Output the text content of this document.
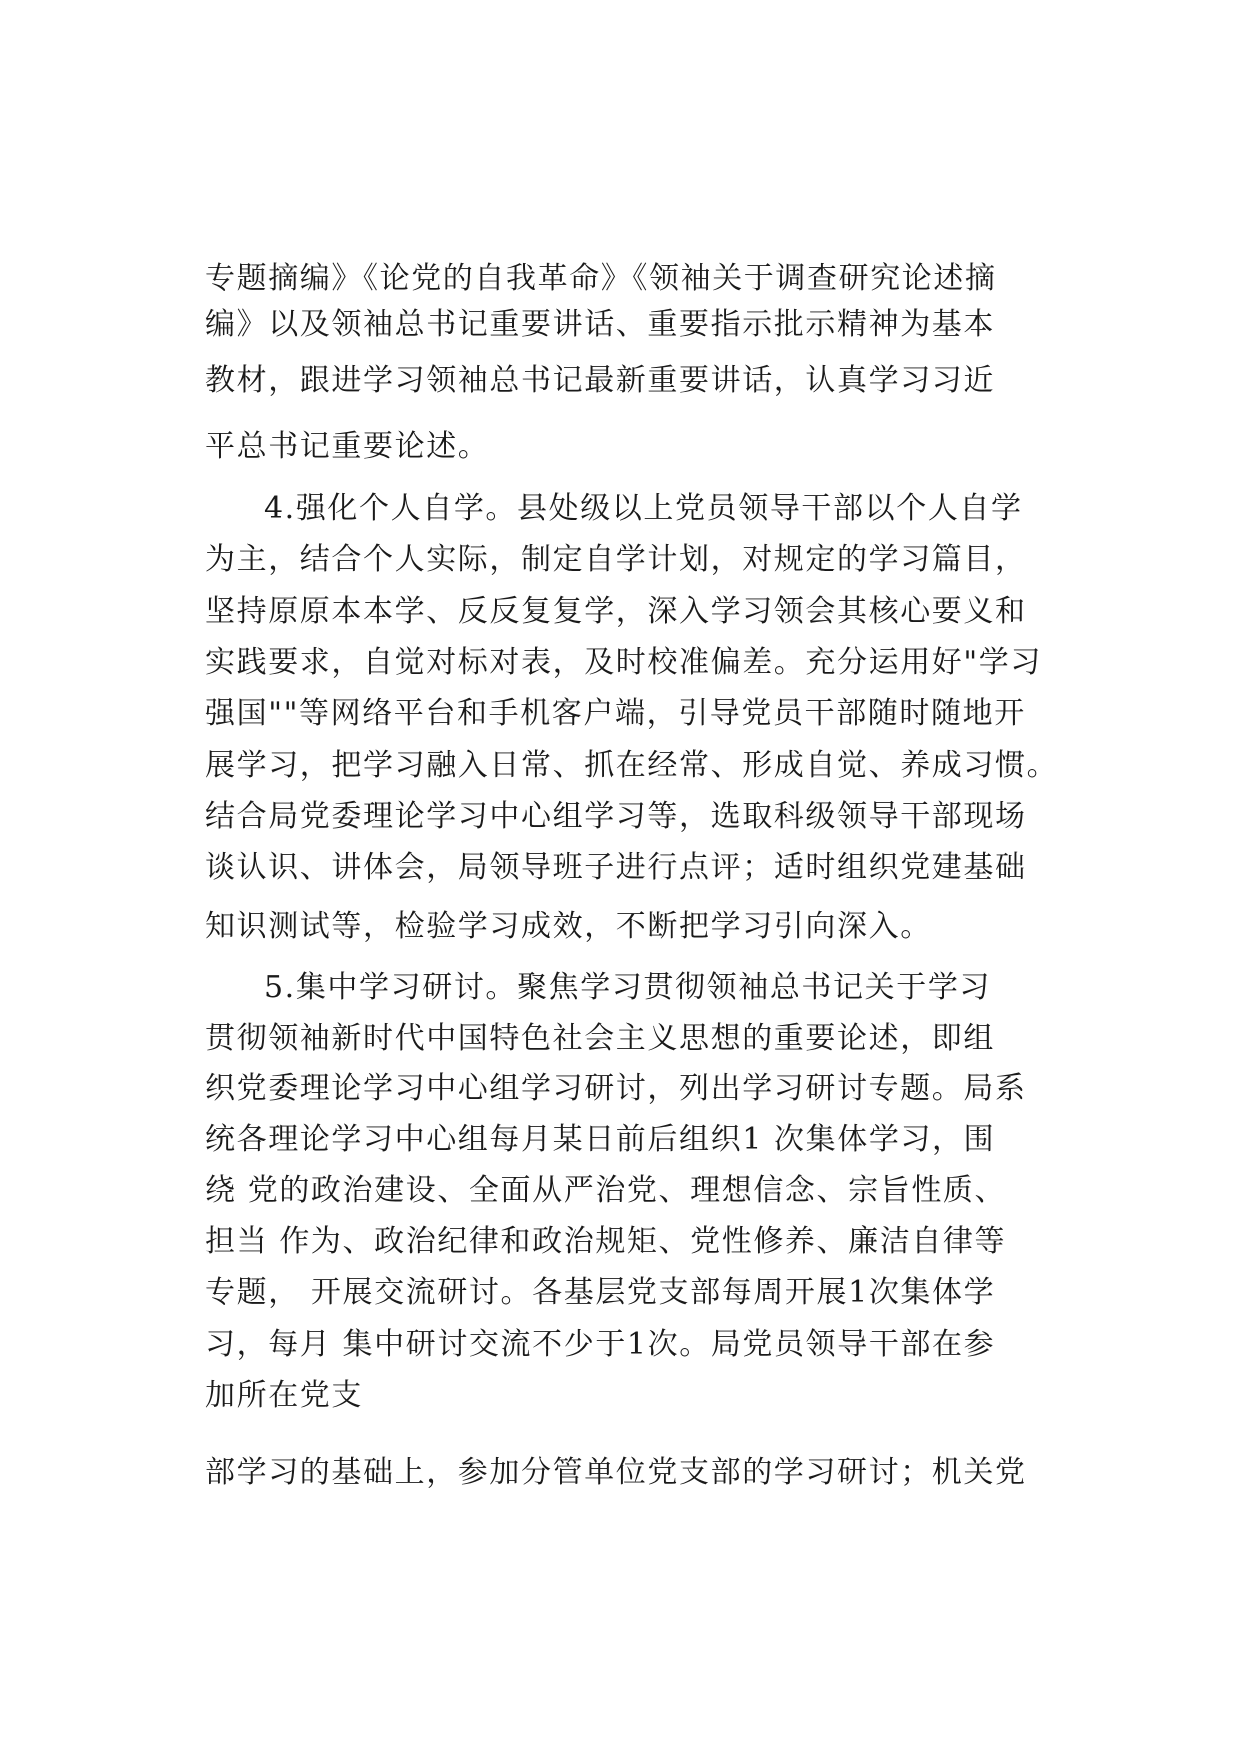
专题摘编》《论党的自我革命》《领袖关于调查研究论述摘
编》以及领袖总书记重要讲话、重要指示批示精神为基本
教材，跟进学习领袖总书记最新重要讲话，认真学习习近
平总书记重要论述。
4.强化个人自学。县处级以上党员领导干部以个人自学
为主，结合个人实际，制定自学计划，对规定的学习篇目，
坚持原原本本学、反反复复学，深入学习领会其核心要义和
实践要求，自觉对标对表，及时校准偏差。充分运用好"学习
强国""等网络平台和手机客户端，引导党员干部随时随地开
展学习，把学习融入日常、抓在经常、形成自觉、养成习惯。
结合局党委理论学习中心组学习等，选取科级领导干部现场
谈认识、讲体会，局领导班子进行点评；适时组织党建基础
知识测试等，检验学习成效，不断把学习引向深入。
5.集中学习研讨。聚焦学习贯彻领袖总书记关于学习
贯彻领袖新时代中国特色社会主义思想的重要论述，即组
织党委理论学习中心组学习研讨，列出学习研讨专题。局系
统各理论学习中心组每月某日前后组织1 次集体学习，围
绕 党的政治建设、全面从严治党、理想信念、宗旨性质、
担当 作为、政治纪律和政治规矩、党性修养、廉洁自律等
专题， 开展交流研讨。各基层党支部每周开展1次集体学
习，每月 集中研讨交流不少于1次。局党员领导干部在参
加所在党支
部学习的基础上，参加分管单位党支部的学习研讨；机关党
